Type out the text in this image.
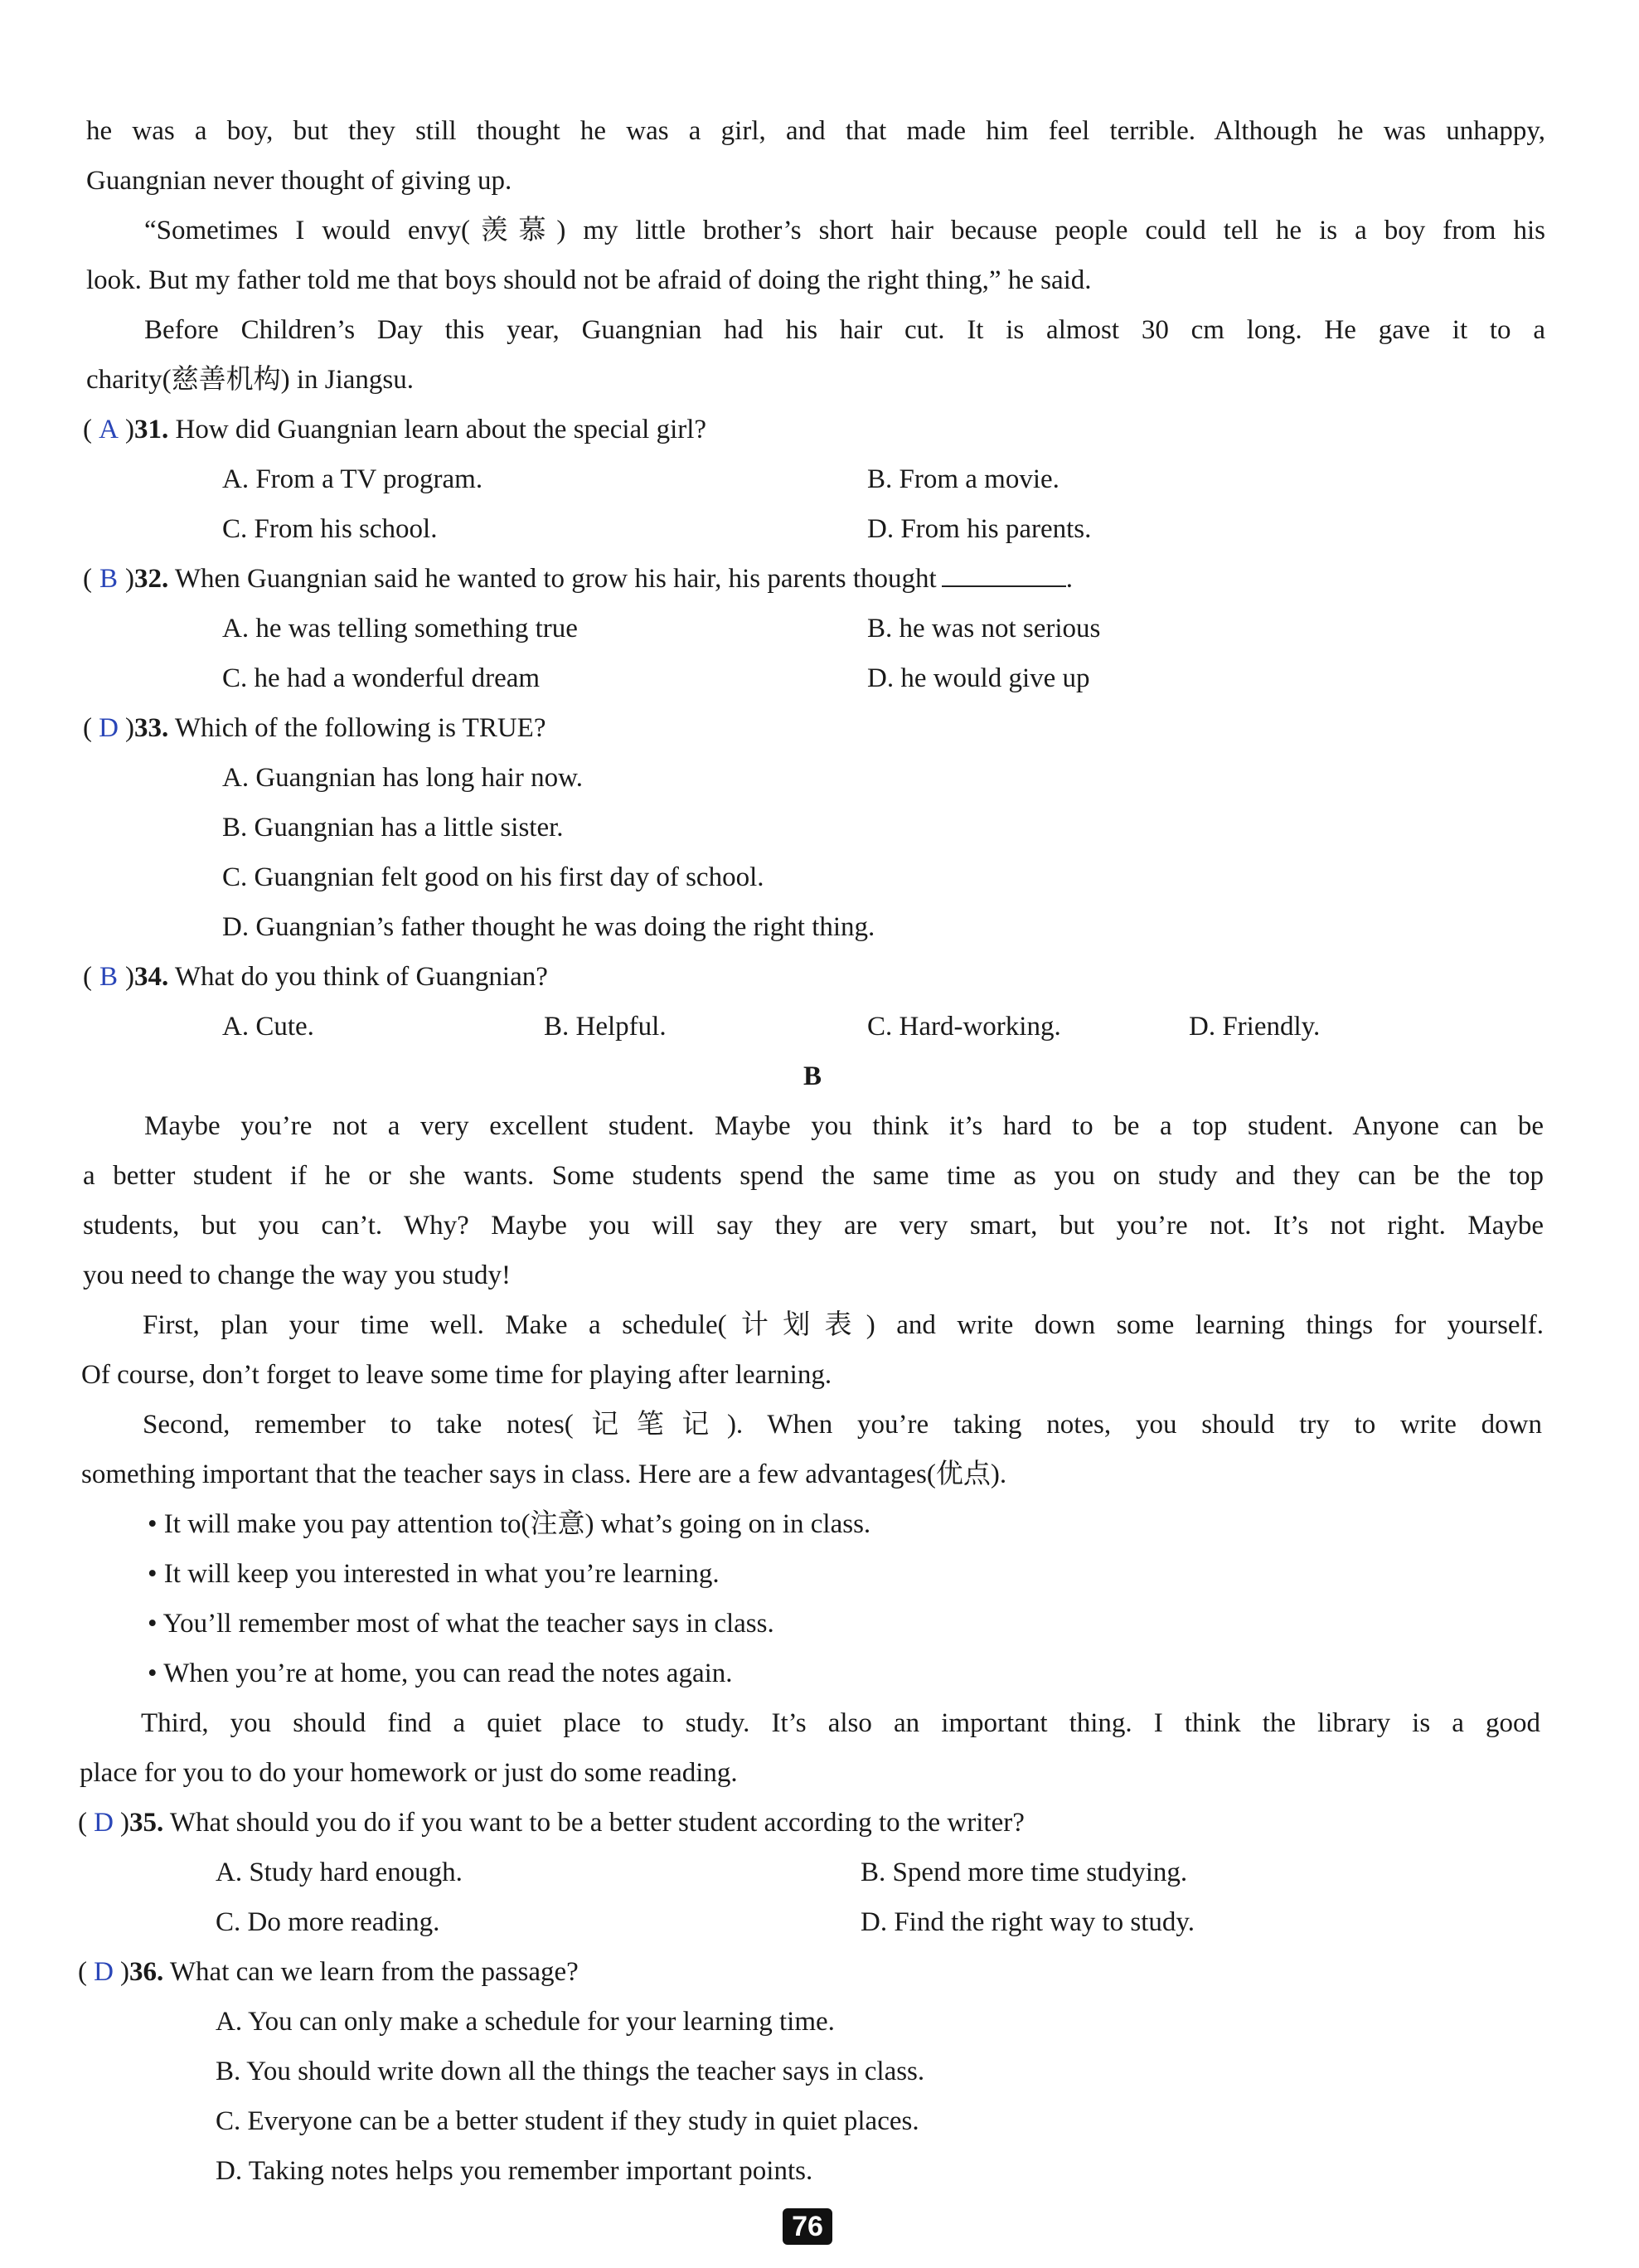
he was a boy, but they still thought he was a girl, and that made him feel terrible. Although he was unhappy,
Guangnian never thought of giving up.
“Sometimes I would envy(羡慕) my little brother’s short hair because people could tell he is a boy from his
look. But my father told me that boys should not be afraid of doing the right thing,” he said.
Before Children’s Day this year, Guangnian had his hair cut. It is almost 30 cm long. He gave it to a
charity(慈善机构) in Jiangsu.
( A )31. How did Guangnian learn about the special girl?
A. From a TV program.	B. From a movie.
C. From his school.	D. From his parents.
( B )32. When Guangnian said he wanted to grow his hair, his parents thought	.
A. he was telling something true	B. he was not serious
C. he had a wonderful dream	D. he would give up
( D )33. Which of the following is TRUE?
A. Guangnian has long hair now.
B. Guangnian has a little sister.
C. Guangnian felt good on his first day of school.
D. Guangnian’s father thought he was doing the right thing.
( B )34. What do you think of Guangnian?
A. Cute.	B. Helpful.	C. Hard-working.	D. Friendly.
B
Maybe you’re not a very excellent student. Maybe you think it’s hard to be a top student. Anyone can be
a better student if he or she wants. Some students spend the same time as you on study and they can be the top
students, but you can’t. Why? Maybe you will say they are very smart, but you’re not. It’s not right. Maybe
you need to change the way you study!
First, plan your time well. Make a schedule(计划表) and write down some learning things for yourself.
Of course, don’t forget to leave some time for playing after learning.
Second, remember to take notes(记笔记). When you’re taking notes, you should try to write down
something important that the teacher says in class. Here are a few advantages(优点).
• It will make you pay attention to(注意) what’s going on in class.
• It will keep you interested in what you’re learning.
• You’ll remember most of what the teacher says in class.
• When you’re at home, you can read the notes again.
Third, you should find a quiet place to study. It’s also an important thing. I think the library is a good
place for you to do your homework or just do some reading.
( D )35. What should you do if you want to be a better student according to the writer?
A. Study hard enough.	B. Spend more time studying.
C. Do more reading.	D. Find the right way to study.
( D )36. What can we learn from the passage?
A. You can only make a schedule for your learning time.
B. You should write down all the things the teacher says in class.
C. Everyone can be a better student if they study in quiet places.
D. Taking notes helps you remember important points.
76
